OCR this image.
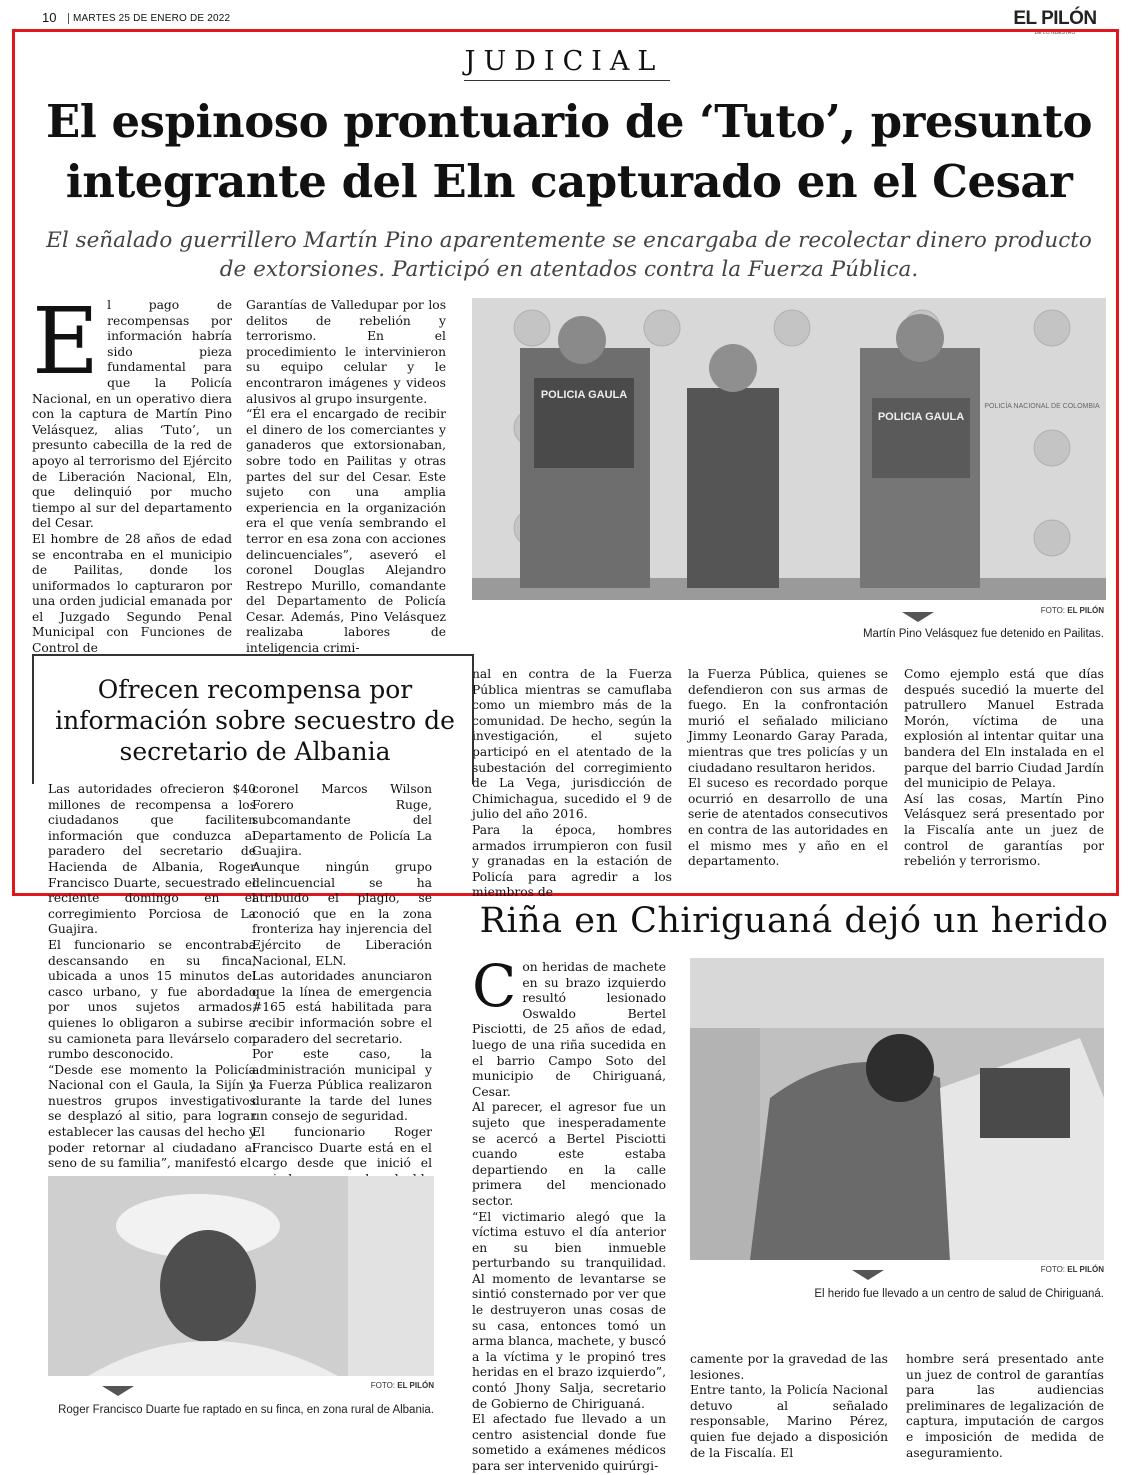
10	MARTES 25 DE ENERO DE 2022	EL PILÓN
DE LO NUESTRO
JUDICIAL
El espinoso prontuario de ‘Tuto’, presunto integrante del Eln capturado en el Cesar
El señalado guerrillero Martín Pino aparentemente se encargaba de recolectar dinero producto de extorsiones. Participó en atentados contra la Fuerza Pública.
E l pago de recompensas por información habría sido pieza fundamental para que la Policía Nacional, en un operativo diera con la captura de Martín Pino Velásquez, alias ‘Tuto’, un presunto cabecilla de la red de apoyo al terrorismo del Ejército de Liberación Nacional, Eln, que delinquió por mucho tiempo al sur del departamento del Cesar.

El hombre de 28 años de edad se encontraba en el municipio de Pailitas, donde los uniformados lo capturaron por una orden judicial emanada por el Juzgado Segundo Penal Municipal con Funciones de Control de

Garantías de Valledupar por los delitos de rebelión y terrorismo. En el procedimiento le intervinieron su equipo celular y le encontraron imágenes y videos alusivos al grupo insurgente.

“Él era el encargado de recibir el dinero de los comerciantes y ganaderos que extorsionaban, sobre todo en Pailitas y otras partes del sur del Cesar. Este sujeto con una amplia experiencia en la organización era el que venía sembrando el terror en esa zona con acciones delincuenciales”, aseveró el coronel Douglas Alejandro Restrepo Murillo, comandante del Departamento de Policía Cesar. Además, Pino Velásquez realizaba labores de inteligencia crimi-

POLICIA GAULA
POLICIA GAULA
POLICÍA NACIONAL DE COLOMBIA
FOTO: EL PILÓN
Martín Pino Velásquez fue detenido en Pailitas.

nal en contra de la Fuerza Pública mientras se camuflaba como un miembro más de la comunidad. De hecho, según la investigación, el sujeto participó en el atentado de la subestación del corregimiento de La Vega, jurisdicción de Chimichagua, sucedido el 9 de julio del año 2016.

Para la época, hombres armados irrumpieron con fusil y granadas en la estación de Policía para agredir a los miembros de

la Fuerza Pública, quienes se defendieron con sus armas de fuego. En la confrontación murió el señalado miliciano Jimmy Leonardo Garay Parada, mientras que tres policías y un ciudadano resultaron heridos.

El suceso es recordado porque ocurrió en desarrollo de una serie de atentados consecutivos en contra de las autoridades en el mismo mes y año en el departamento.

Como ejemplo está que días después sucedió la muerte del patrullero Manuel Estrada Morón, víctima de una explosión al intentar quitar una bandera del Eln instalada en el parque del barrio Ciudad Jardín del municipio de Pelaya.

Así las cosas, Martín Pino Velásquez será presentado por la Fiscalía ante un juez de control de garantías por rebelión y terrorismo.

Ofrecen recompensa por información sobre secuestro de secretario de Albania

Las autoridades ofrecieron $40 millones de recompensa a los ciudadanos que faciliten información que conduzca al paradero del secretario de Hacienda de Albania, Roger Francisco Duarte, secuestrado el reciente domingo en el corregimiento Porciosa de La Guajira.

El funcionario se encontraba descansando en su finca, ubicada a unos 15 minutos del casco urbano, y fue abordado por unos sujetos armados, quienes lo obligaron a subirse a su camioneta para llevárselo con rumbo desconocido.

“Desde ese momento la Policía Nacional con el Gaula, la Sijín y nuestros grupos investigativos se desplazó al sitio, para lograr establecer las causas del hecho y poder retornar al ciudadano al seno de su familia”, manifestó el

coronel Marcos Wilson Forero Ruge, subcomandante del Departamento de Policía La Guajira.

Aunque ningún grupo delincuencial se ha atribuido el plagio, se conoció que en la zona fronteriza hay injerencia del Ejército de Liberación Nacional, ELN.

Las autoridades anunciaron que la línea de emergencia #165 está habilitada para recibir información sobre el paradero del secretario.

Por este caso, la administración municipal y la Fuerza Pública realizaron durante la tarde del lunes un consejo de seguridad.

El funcionario Roger Francisco Duarte está en el cargo desde que inició el

FOTO: EL PILÓN
Roger Francisco Duarte fue raptado en su finca, en zona rural de Albania.
Riña en Chiriguaná dejó un herido
C on heridas de machete en su brazo izquierdo resultó lesionado Oswaldo Bertel Pisciotti, de 25 años de edad, luego de una riña sucedida en el barrio Campo Soto del municipio de Chiriguaná, Cesar.

Al parecer, el agresor fue un sujeto que inesperadamente se acercó a Bertel Pisciotti cuando este estaba departiendo en la calle primera del mencionado sector.

“El victimario alegó que la víctima estuvo el día anterior en su bien inmueble perturbando su tranquilidad. Al momento de levantarse se sintió consternado por ver que le destruyeron unas cosas de su casa, entonces tomó un arma blanca, machete, y buscó a la víctima y le propinó tres heridas en el brazo izquierdo”, contó Jhony Salja, secretario de Gobierno de Chiriguaná.

El afectado fue llevado a un centro asistencial donde fue sometido a exámenes médicos para ser intervenido quirúrgi-

FOTO: EL PILÓN
El herido fue llevado a un centro de salud de Chiriguaná.

camente por la gravedad de las lesiones.

Entre tanto, la Policía Nacional detuvo al señalado responsable, Marino Pérez, quien fue dejado a disposición de la Fiscalía. El

hombre será presentado ante un juez de control de garantías para las audiencias preliminares de legalización de captura, imputación de cargos e imposición de medida de aseguramiento.
